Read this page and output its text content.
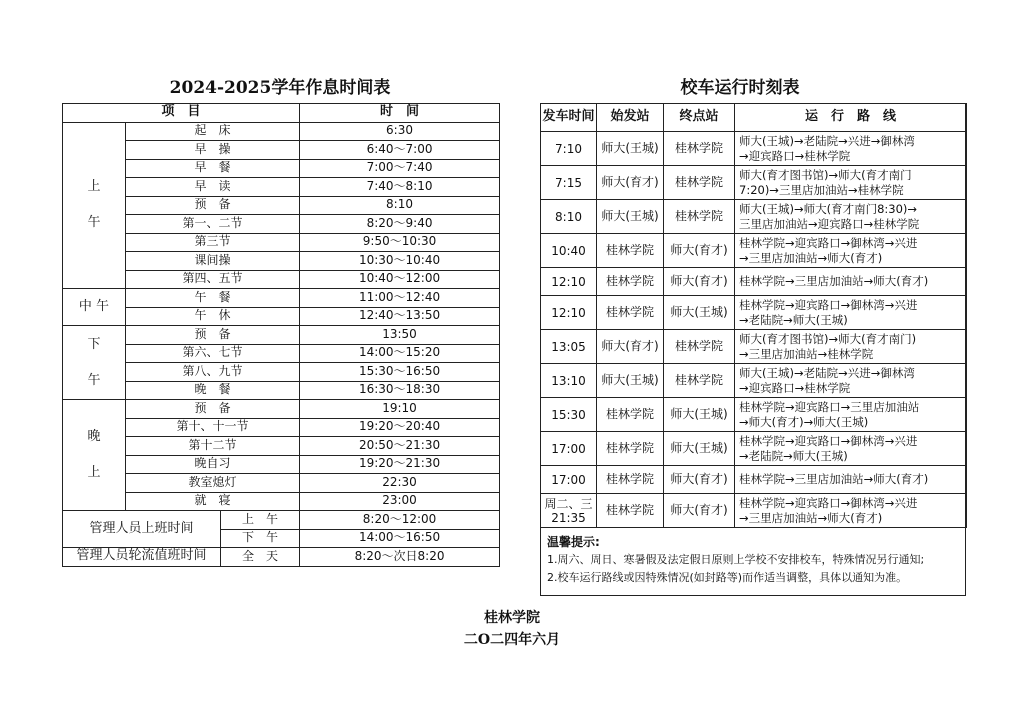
2024-2025学年作息时间表	校车运行时刻表
项　目			时　间
上

午	起　床		6:30
	早　操		6:40～7:00
	早　餐		7:00～7:40
	早　读		7:40～8:10
	预　备		8:10
	第一、二节		8:20～9:40
	第三节		9:50～10:30
	课间操		10:30～10:40
	第四、五节		10:40～12:00
中 午	午　餐		11:00～12:40
	午　休		12:40～13:50
下

午	预　备		13:50
	第六、七节		14:00～15:20
	第八、九节		15:30～16:50
	晚　餐		16:30～18:30
晚

上	预　备		19:10
	第十、十一节		19:20～20:40
	第十二节		20:50～21:30
	晚自习		19:20～21:30
	教室熄灯		22:30
	就　寝		23:00
管理人员上班时间		上　午	8:20～12:00
		下　午	14:00～16:50
管理人员轮流值班时间		全　天	8:20～次日8:20
发车时间	始发站	终点站	运　行　路　线
7:10	师大(王城)	桂林学院	师大(王城)→老陆院→兴进→御林湾
→迎宾路口→桂林学院

7:15	师大(育才)	桂林学院	师大(育才图书馆)→师大(育才南门
7:20)→三里店加油站→桂林学院

8:10	师大(王城)	桂林学院	师大(王城)→师大(育才南门8:30)→
三里店加油站→迎宾路口→桂林学院

10:40	桂林学院	师大(育才)	桂林学院→迎宾路口→御林湾→兴进
→三里店加油站→师大(育才)

12:10	桂林学院	师大(育才)	桂林学院→三里店加油站→师大(育才)

12:10	桂林学院	师大(王城)	桂林学院→迎宾路口→御林湾→兴进
→老陆院→师大(王城)

13:05	师大(育才)	桂林学院	师大(育才图书馆)→师大(育才南门)
→三里店加油站→桂林学院

13:10	师大(王城)	桂林学院	师大(王城)→老陆院→兴进→御林湾
→迎宾路口→桂林学院

15:30	桂林学院	师大(王城)	桂林学院→迎宾路口→三里店加油站
→师大(育才)→师大(王城)

17:00	桂林学院	师大(王城)	桂林学院→迎宾路口→御林湾→兴进
→老陆院→师大(王城)

17:00	桂林学院	师大(育才)	桂林学院→三里店加油站→师大(育才)

周二、三
21:35	桂林学院	师大(育才)	桂林学院→迎宾路口→御林湾→兴进
→三里店加油站→师大(育才)
温馨提示:
1.周六、周日、寒暑假及法定假日原则上学校不安排校车，特殊情况另行通知;
2.校车运行路线或因特殊情况(如封路等)而作适当调整，具体以通知为准。
桂林学院
二O二四年六月
